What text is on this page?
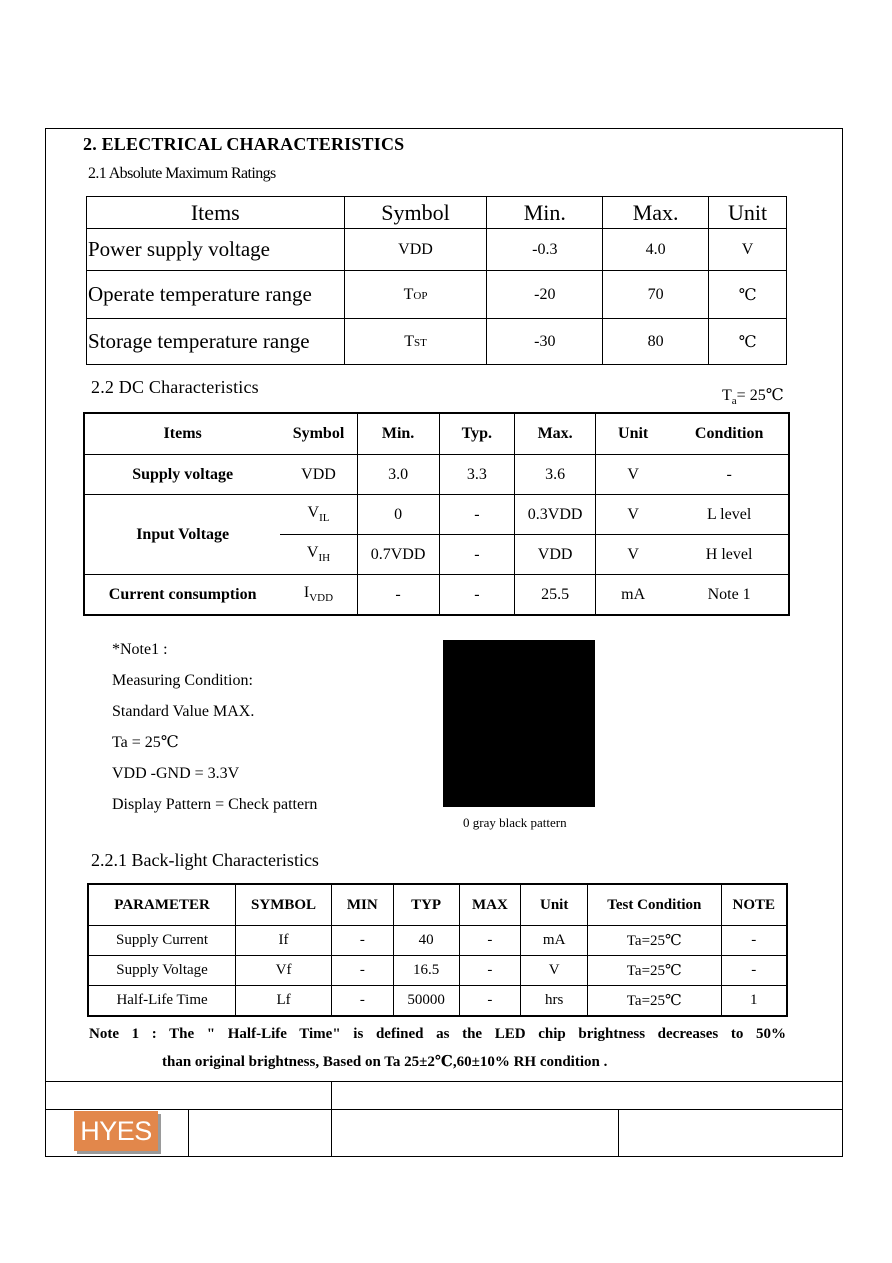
2. ELECTRICAL CHARACTERISTICS
2.1 Absolute Maximum Ratings
Items	Symbol	Min.	Max.	Unit
Power supply voltage	VDD	-0.3	4.0	V
Operate temperature range	TOP	-20	70	℃
Storage temperature range	TST	-30	80	℃
2.2 DC Characteristics	$T_a=$ 25℃
Items	Symbol	Min.	Typ.	Max.	Unit	Condition
Supply voltage	VDD	3.0	3.3	3.6	V	-
Input Voltage	$V_{IL}$	0	-	0.3VDD	V	L level
	$V_{IH}$	0.7VDD	-	VDD	V	H level
Current consumption	$I_{VDD}$	-	-	25.5	mA	Note 1
*Note1 :
Measuring Condition:
Standard Value MAX.
Ta = 25℃
VDD -GND = 3.3V
Display Pattern = Check pattern
0 gray black pattern
2.2.1 Back-light Characteristics
PARAMETER	SYMBOL	MIN	TYP	MAX	Unit	Test Condition	NOTE
Supply Current	If	-	40	-	mA	Ta=25℃	-
Supply Voltage	Vf	-	16.5	-	V	Ta=25℃	-
Half-Life Time	Lf	-	50000	-	hrs	Ta=25℃	1
Note 1 : The " Half-Life Time" is defined as the LED chip brightness decreases to 50%
than original brightness, Based on Ta 25±2℃,60±10% RH condition .
HYES
